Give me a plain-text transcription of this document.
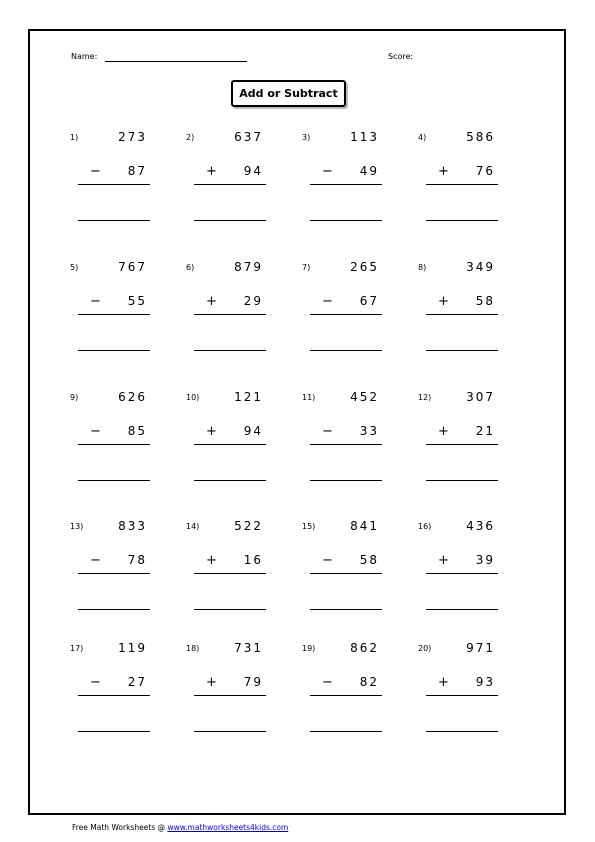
Name:	Score:
Add or Subtract
1)	273
− 87
2)	637
+ 94
3)	113
− 49
4)	586
+ 76
5)	767
− 55
6)	879
+ 29
7)	265
− 67
8)	349
+ 58
9)	626
− 85
10)	121
+ 94
11)	452
− 33
12)	307
+ 21
13)	833
− 78
14)	522
+ 16
15)	841
− 58
16)	436
+ 39
17)	119
− 27
18)	731
+ 79
19)	862
− 82
20)	971
+ 93
Free Math Worksheets @ www.mathworksheets4kids.com
